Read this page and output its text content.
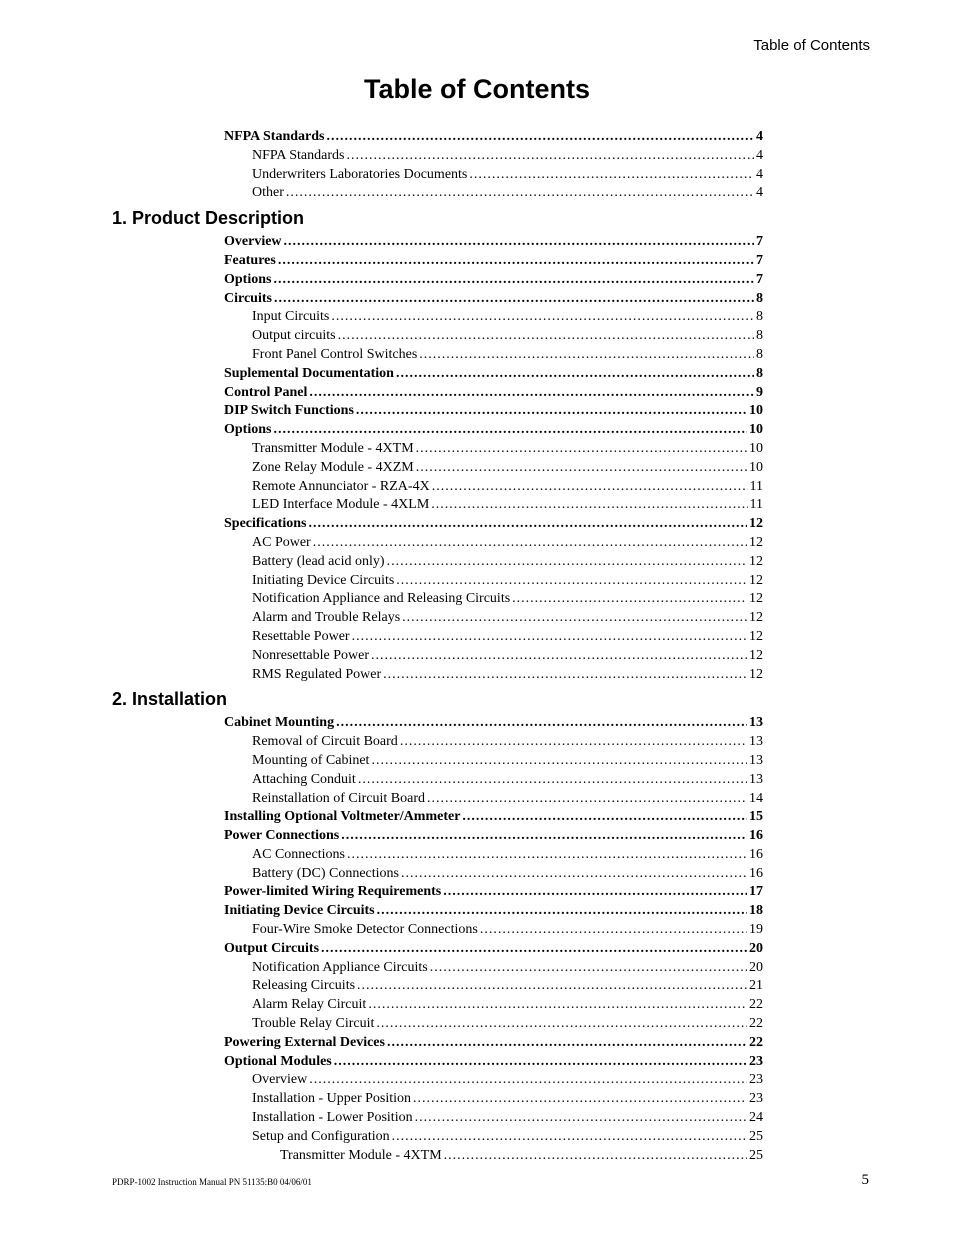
Table of Contents
Table of Contents
NFPA Standards .....	4
NFPA Standards .....	4
Underwriters Laboratories Documents .....	4
Other .....	4
1. Product Description
Overview .....	7
Features .....	7
Options .....	7
Circuits .....	8
Input Circuits .....	8
Output circuits .....	8
Front Panel Control Switches .....	8
Suplemental Documentation .....	8
Control Panel .....	9
DIP Switch Functions .....	10
Options .....	10
Transmitter Module - 4XTM .....	10
Zone Relay Module - 4XZM .....	10
Remote Annunciator - RZA-4X .....	11
LED Interface Module - 4XLM .....	11
Specifications .....	12
AC Power .....	12
Battery (lead acid only) .....	12
Initiating Device Circuits .....	12
Notification Appliance and Releasing Circuits .....	12
Alarm and Trouble Relays .....	12
Resettable Power .....	12
Nonresettable Power .....	12
RMS Regulated Power .....	12
2. Installation
Cabinet Mounting .....	13
Removal of Circuit Board .....	13
Mounting of Cabinet .....	13
Attaching Conduit .....	13
Reinstallation of Circuit Board .....	14
Installing Optional Voltmeter/Ammeter .....	15
Power Connections .....	16
AC Connections .....	16
Battery (DC) Connections .....	16
Power-limited Wiring Requirements .....	17
Initiating Device Circuits .....	18
Four-Wire Smoke Detector Connections .....	19
Output Circuits .....	20
Notification Appliance Circuits .....	20
Releasing Circuits .....	21
Alarm Relay Circuit .....	22
Trouble Relay Circuit .....	22
Powering External Devices .....	22
Optional Modules .....	23
Overview .....	23
Installation - Upper Position .....	23
Installation - Lower Position .....	24
Setup and Configuration .....	25
Transmitter Module - 4XTM .....	25
PDRP-1002 Instruction Manual PN 51135:B0 04/06/01	5
